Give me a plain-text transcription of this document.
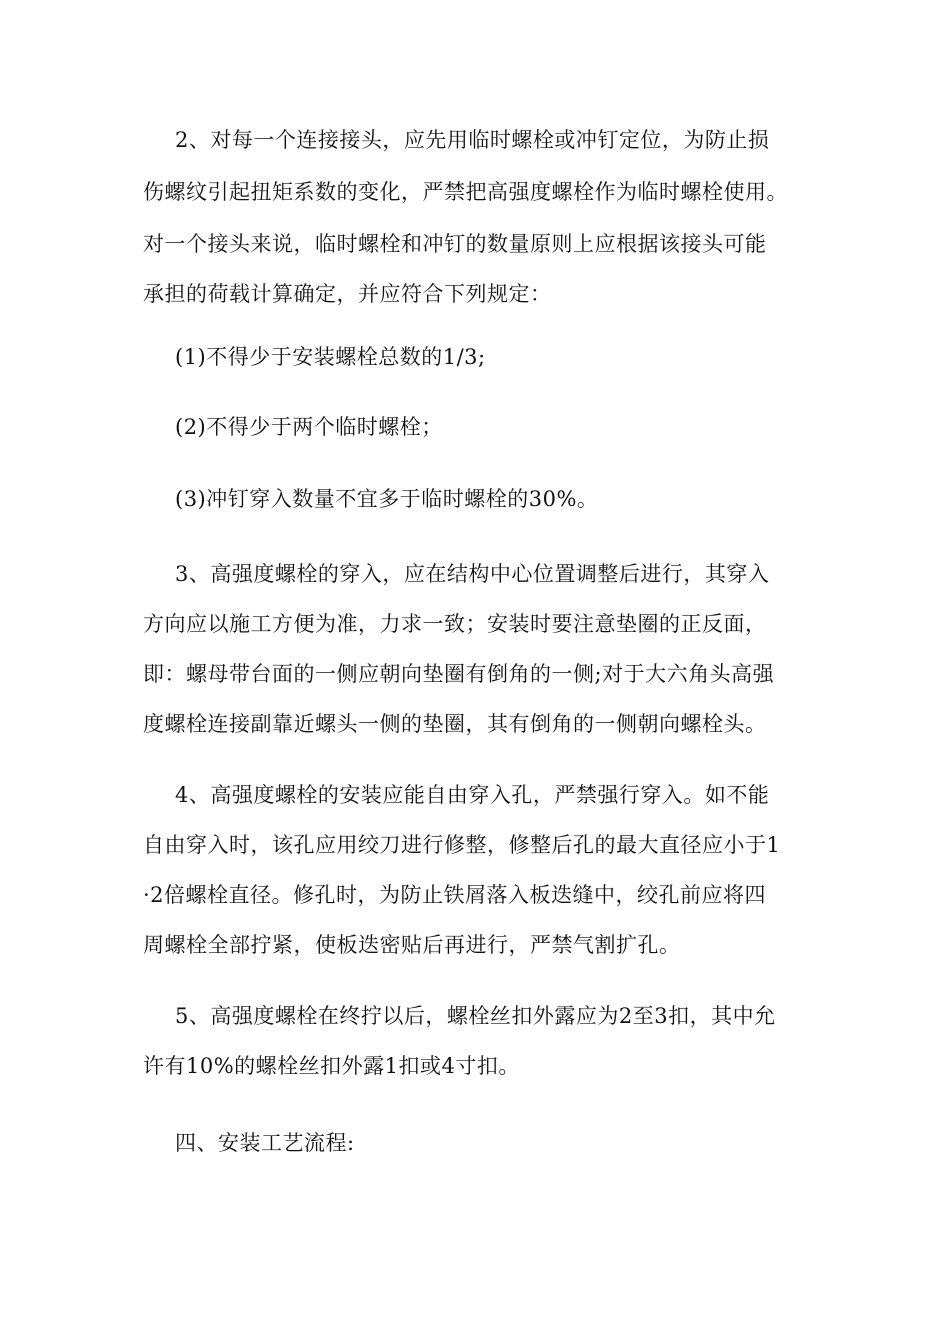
2、对每一个连接接头，应先用临时螺栓或冲钉定位，为防止损
伤螺纹引起扭矩系数的变化，严禁把高强度螺栓作为临时螺栓使用。
对一个接头来说，临时螺栓和冲钉的数量原则上应根据该接头可能
承担的荷载计算确定，并应符合下列规定：
(1)不得少于安装螺栓总数的1/3;
(2)不得少于两个临时螺栓；
(3)冲钉穿入数量不宜多于临时螺栓的30%。
3、高强度螺栓的穿入，应在结构中心位置调整后进行，其穿入
方向应以施工方便为准，力求一致；安装时要注意垫圈的正反面，
即：螺母带台面的一侧应朝向垫圈有倒角的一侧;对于大六角头高强
度螺栓连接副靠近螺头一侧的垫圈，其有倒角的一侧朝向螺栓头。
4、高强度螺栓的安装应能自由穿入孔，严禁强行穿入。如不能
自由穿入时，该孔应用绞刀进行修整，修整后孔的最大直径应小于1
·2倍螺栓直径。修孔时，为防止铁屑落入板迭缝中，绞孔前应将四
周螺栓全部拧紧，使板迭密贴后再进行，严禁气割扩孔。
5、高强度螺栓在终拧以后，螺栓丝扣外露应为2至3扣，其中允
许有10%的螺栓丝扣外露1扣或4寸扣。
四、安装工艺流程:
